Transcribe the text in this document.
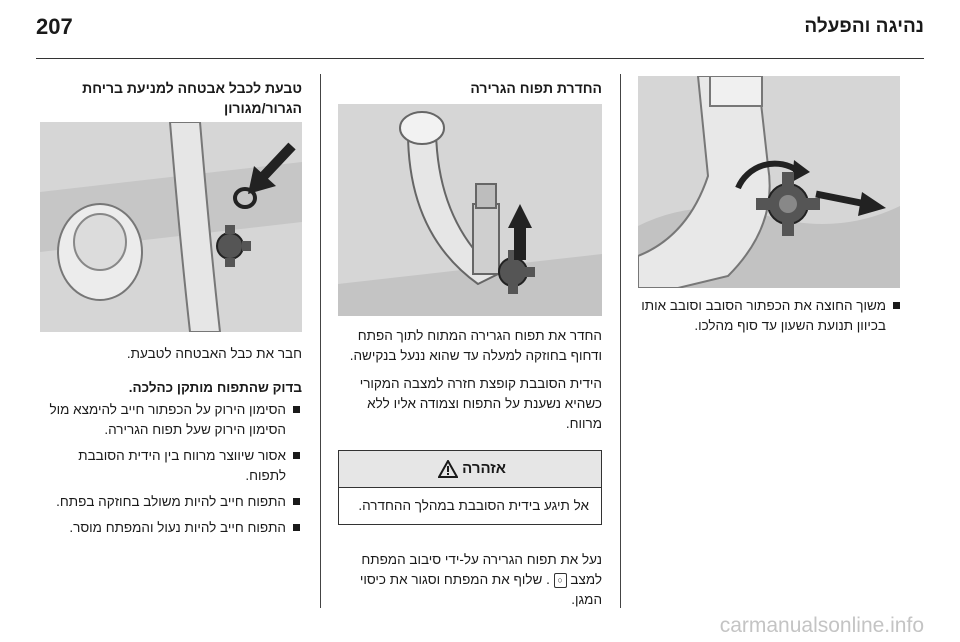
207	נהיגה והפעלה
משוך החוצה את הכפתור הסובב וסובב אותו בכיוון תנועת השעון עד סוף מהלכו.
החדרת תפוח הגרירה

החדר את תפוח הגרירה המתוח לתוך הפתח ודחוף בחוזקה למעלה עד שהוא ננעל בנקישה.

הידית הסובבת קופצת חזרה למצבה המקורי כשהיא נשענת על התפוח וצמודה אליו ללא מרווח.

אזהרה
אל תיגע בידית הסובבת במהלך ההחדרה.

נעל את תפוח הגרירה על-ידי סיבוב המפתח למצב ○ . שלוף את המפתח וסגור את כיסוי המגן.

טבעת לכבל אבטחה למניעת בריחת הגרור/מגורון

חבר את כבל האבטחה לטבעת.

בדוק שהתפוח מותקן כהלכה.

הסימון הירוק על הכפתור חייב להימצא מול הסימון הירוק שעל תפוח הגרירה.
אסור שיווצר מרווח בין הידית הסובבת לתפוח.
התפוח חייב להיות משולב בחוזקה בפתח.
התפוח חייב להיות נעול והמפתח מוסר.
carmanualsonline.info
